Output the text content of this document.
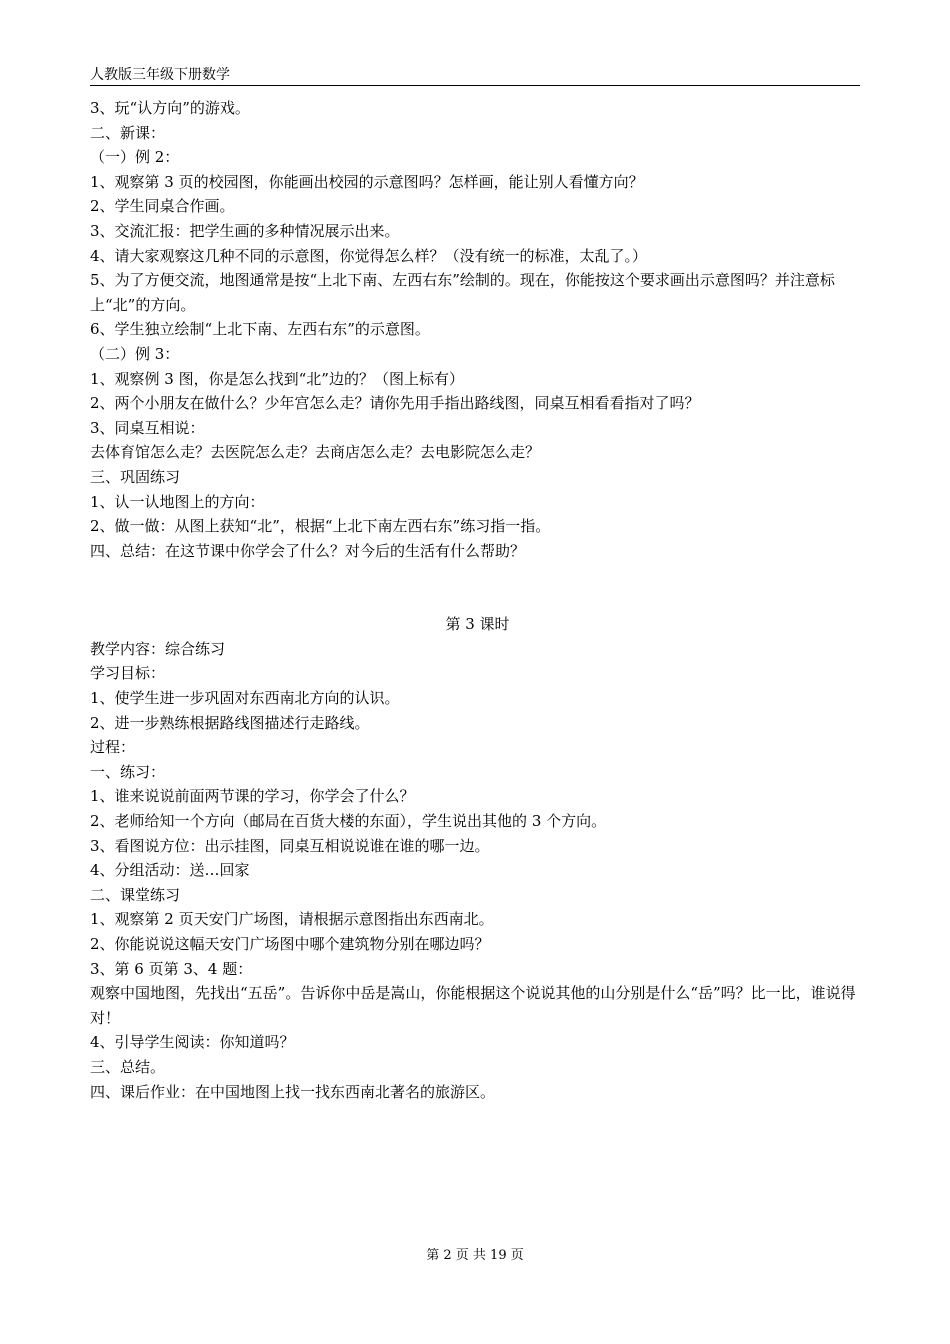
人教版三年级下册数学
3、玩“认方向”的游戏。
二、新课：
（一）例 2：
1、观察第 3 页的校园图，你能画出校园的示意图吗？怎样画，能让别人看懂方向？
2、学生同桌合作画。
3、交流汇报：把学生画的多种情况展示出来。
4、请大家观察这几种不同的示意图，你觉得怎么样？（没有统一的标准，太乱了。）
5、为了方便交流，地图通常是按“上北下南、左西右东”绘制的。现在，你能按这个要求画出示意图吗？并注意标上“北”的方向。
6、学生独立绘制“上北下南、左西右东”的示意图。
（二）例 3：
1、观察例 3 图，你是怎么找到“北”边的？（图上标有）
2、两个小朋友在做什么？少年宫怎么走？请你先用手指出路线图，同桌互相看看指对了吗？
3、同桌互相说：
去体育馆怎么走？去医院怎么走？去商店怎么走？去电影院怎么走？
三、巩固练习
1、认一认地图上的方向：
2、做一做：从图上获知“北”，根据“上北下南左西右东”练习指一指。
四、总结：在这节课中你学会了什么？对今后的生活有什么帮助？
第 3 课时
教学内容：综合练习
学习目标：
1、使学生进一步巩固对东西南北方向的认识。
2、进一步熟练根据路线图描述行走路线。
过程：
一、练习：
1、谁来说说前面两节课的学习，你学会了什么？
2、老师给知一个方向（邮局在百货大楼的东面），学生说出其他的 3 个方向。
3、看图说方位：出示挂图，同桌互相说说谁在谁的哪一边。
4、分组活动：送…回家
二、课堂练习
1、观察第 2 页天安门广场图，请根据示意图指出东西南北。
2、你能说说这幅天安门广场图中哪个建筑物分别在哪边吗？
3、第 6 页第 3、4 题：
观察中国地图，先找出“五岳”。告诉你中岳是嵩山，你能根据这个说说其他的山分别是什么“岳”吗？比一比，谁说得对！
4、引导学生阅读：你知道吗？
三、总结。
四、课后作业：在中国地图上找一找东西南北著名的旅游区。
第 2 页 共 19 页
